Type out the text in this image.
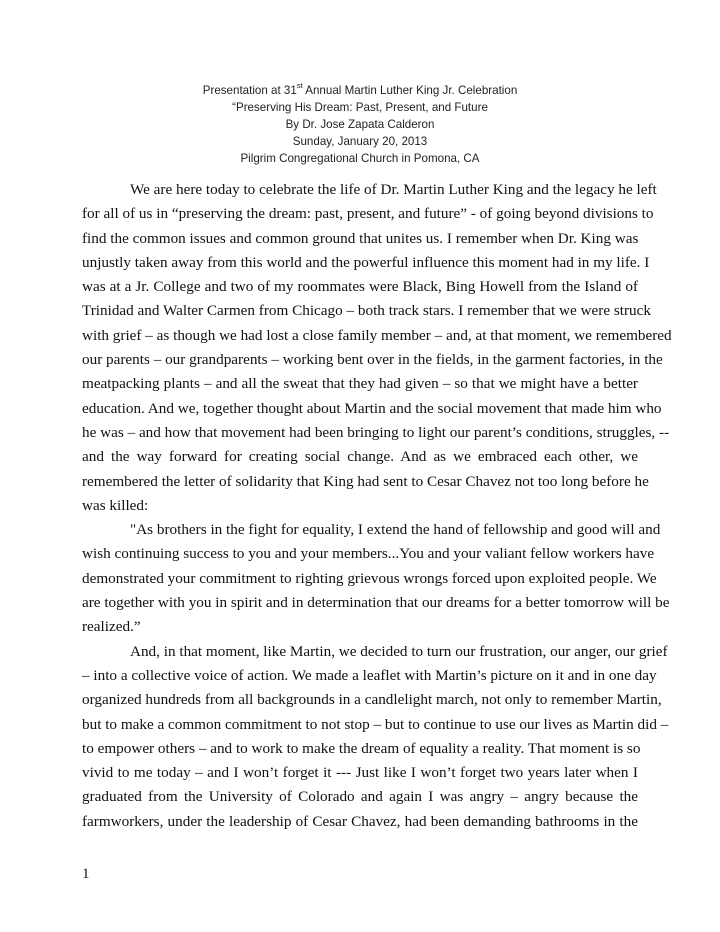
Presentation at 31st Annual Martin Luther King Jr. Celebration
“Preserving His Dream: Past, Present, and Future
By Dr. Jose Zapata Calderon
Sunday, January 20, 2013
Pilgrim Congregational Church in Pomona, CA
We are here today to celebrate the life of Dr. Martin Luther King and the legacy he left
for all of us in “preserving the dream: past, present, and future” - of going beyond divisions to
find the common issues and common ground that unites us. I remember when Dr. King was
unjustly taken away from this world and the powerful influence this moment had in my life. I
was at a Jr. College and two of my roommates were Black, Bing Howell from the Island of
Trinidad and Walter Carmen from Chicago – both track stars. I remember that we were struck
with grief – as though we had lost a close family member – and, at that moment, we remembered
our parents – our grandparents – working bent over in the fields, in the garment factories, in the
meatpacking plants – and all the sweat that they had given – so that we might have a better
education. And we, together thought about Martin and the social movement that made him who
he was – and how that movement had been bringing to light our parent’s conditions, struggles, --
and the way forward for creating social change. And as we embraced each other, we
remembered the letter of solidarity that King had sent to Cesar Chavez not too long before he
was killed:
"As brothers in the fight for equality, I extend the hand of fellowship and good will and
wish continuing success to you and your members...You and your valiant fellow workers have
demonstrated your commitment to righting grievous wrongs forced upon exploited people. We
are together with you in spirit and in determination that our dreams for a better tomorrow will be
realized.”
And, in that moment, like Martin, we decided to turn our frustration, our anger, our grief
– into a collective voice of action. We made a leaflet with Martin’s picture on it and in one day
organized hundreds from all backgrounds in a candlelight march, not only to remember Martin,
but to make a common commitment to not stop – but to continue to use our lives as Martin did –
to empower others – and to work to make the dream of equality a reality. That moment is so
vivid to me today – and I won’t forget it --- Just like I won’t forget two years later when I
graduated from the University of Colorado and again I was angry – angry because the
farmworkers, under the leadership of Cesar Chavez, had been demanding bathrooms in the
1
